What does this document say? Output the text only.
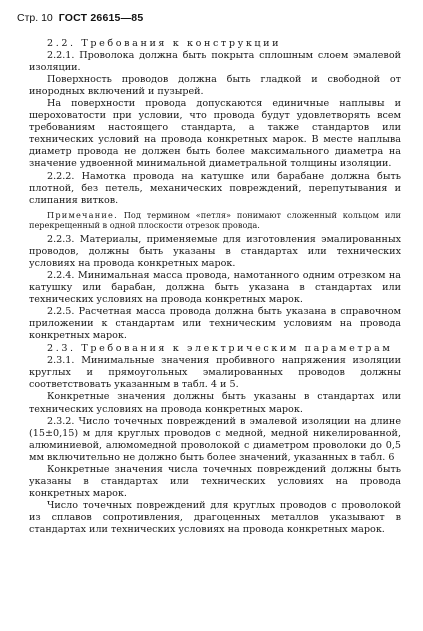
Стр. 10 ГОСТ 26615—85

2.2. Требования к конструкции

2.2.1. Проволока должна быть покрыта сплошным слоем эмалевой изоляции.

Поверхность проводов должна быть гладкой и свободной от инородных включений и пузырей.

На поверхности провода допускаются единичные наплывы и шероховатости при условии, что провода будут удовлетворять всем требованиям настоящего стандарта, а также стандартов или технических условий на провода конкретных марок. В месте наплыва диаметр провода не должен быть более максимального диаметра на значение удвоенной минимальной диаметральной толщины изоляции.

2.2.2. Намотка провода на катушке или барабане должна быть плотной, без петель, механических повреждений, перепутывания и слипания витков.

Примечание. Под термином «петля» понимают сложенный кольцом или перекрещенный в одной плоскости отрезок провода.

2.2.3. Материалы, применяемые для изготовления эмалированных проводов, должны быть указаны в стандартах или технических условиях на провода конкретных марок.

2.2.4. Минимальная масса провода, намотанного одним отрезком на катушку или барабан, должна быть указана в стандартах или технических условиях на провода конкретных марок.

2.2.5. Расчетная масса провода должна быть указана в справочном приложении к стандартам или техническим условиям на провода конкретных марок.

2.3. Требования к электрическим параметрам

2.3.1. Минимальные значения пробивного напряжения изоляции круглых и прямоугольных эмалированных проводов должны соответствовать указанным в табл. 4 и 5.

Конкретные значения должны быть указаны в стандартах или технических условиях на провода конкретных марок.

2.3.2. Число точечных повреждений в эмалевой изоляции на длине (15±0,15) м для круглых проводов с медной, медной никелированной, алюминиевой, алюмомедной проволокой с диаметром проволоки до 0,5 мм включительно не должно быть более значений, указанных в табл. 6

Конкретные значения числа точечных повреждений должны быть указаны в стандартах или технических условиях на провода конкретных марок.

Число точечных повреждений для круглых проводов с проволокой из сплавов сопротивления, драгоценных металлов указывают в стандартах или технических условиях на провода конкретных марок.
